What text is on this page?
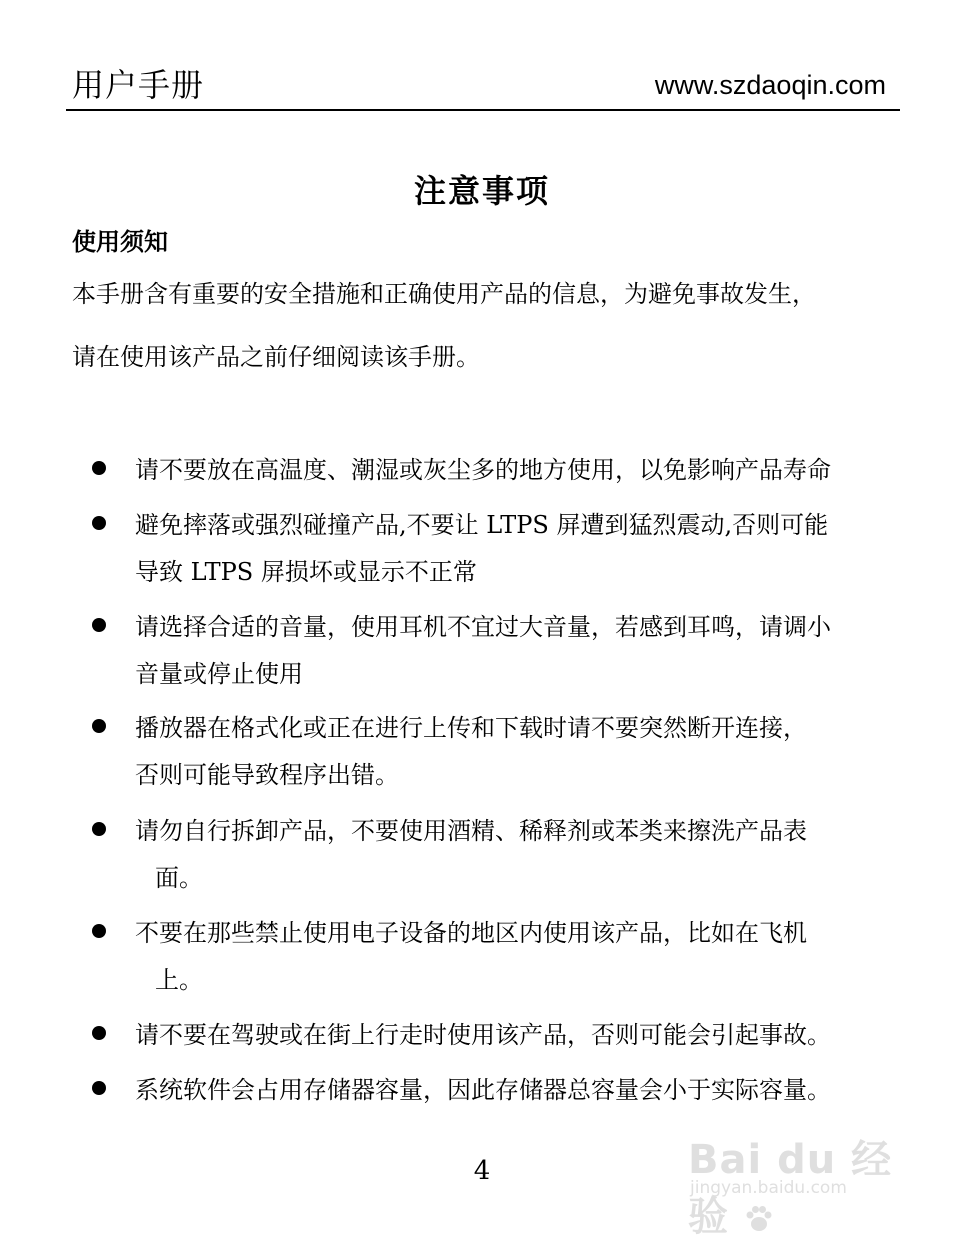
用户手册	www.szdaoqin.com
注意事项
使用须知
本手册含有重要的安全措施和正确使用产品的信息，为避免事故发生，
请在使用该产品之前仔细阅读该手册。
请不要放在高温度、潮湿或灰尘多的地方使用，以免影响产品寿命
避免摔落或强烈碰撞产品,不要让 LTPS 屏遭到猛烈震动,否则可能
导致 LTPS 屏损坏或显示不正常
请选择合适的音量，使用耳机不宜过大音量，若感到耳鸣，请调小
音量或停止使用
播放器在格式化或正在进行上传和下载时请不要突然断开连接，
否则可能导致程序出错。
请勿自行拆卸产品，不要使用酒精、稀释剂或苯类来擦洗产品表
面。
不要在那些禁止使用电子设备的地区内使用该产品，比如在飞机
上。
请不要在驾驶或在街上行走时使用该产品，否则可能会引起事故。
系统软件会占用存储器容量，因此存储器总容量会小于实际容量。
4	Bai du 经验
jingyan.baidu.com
